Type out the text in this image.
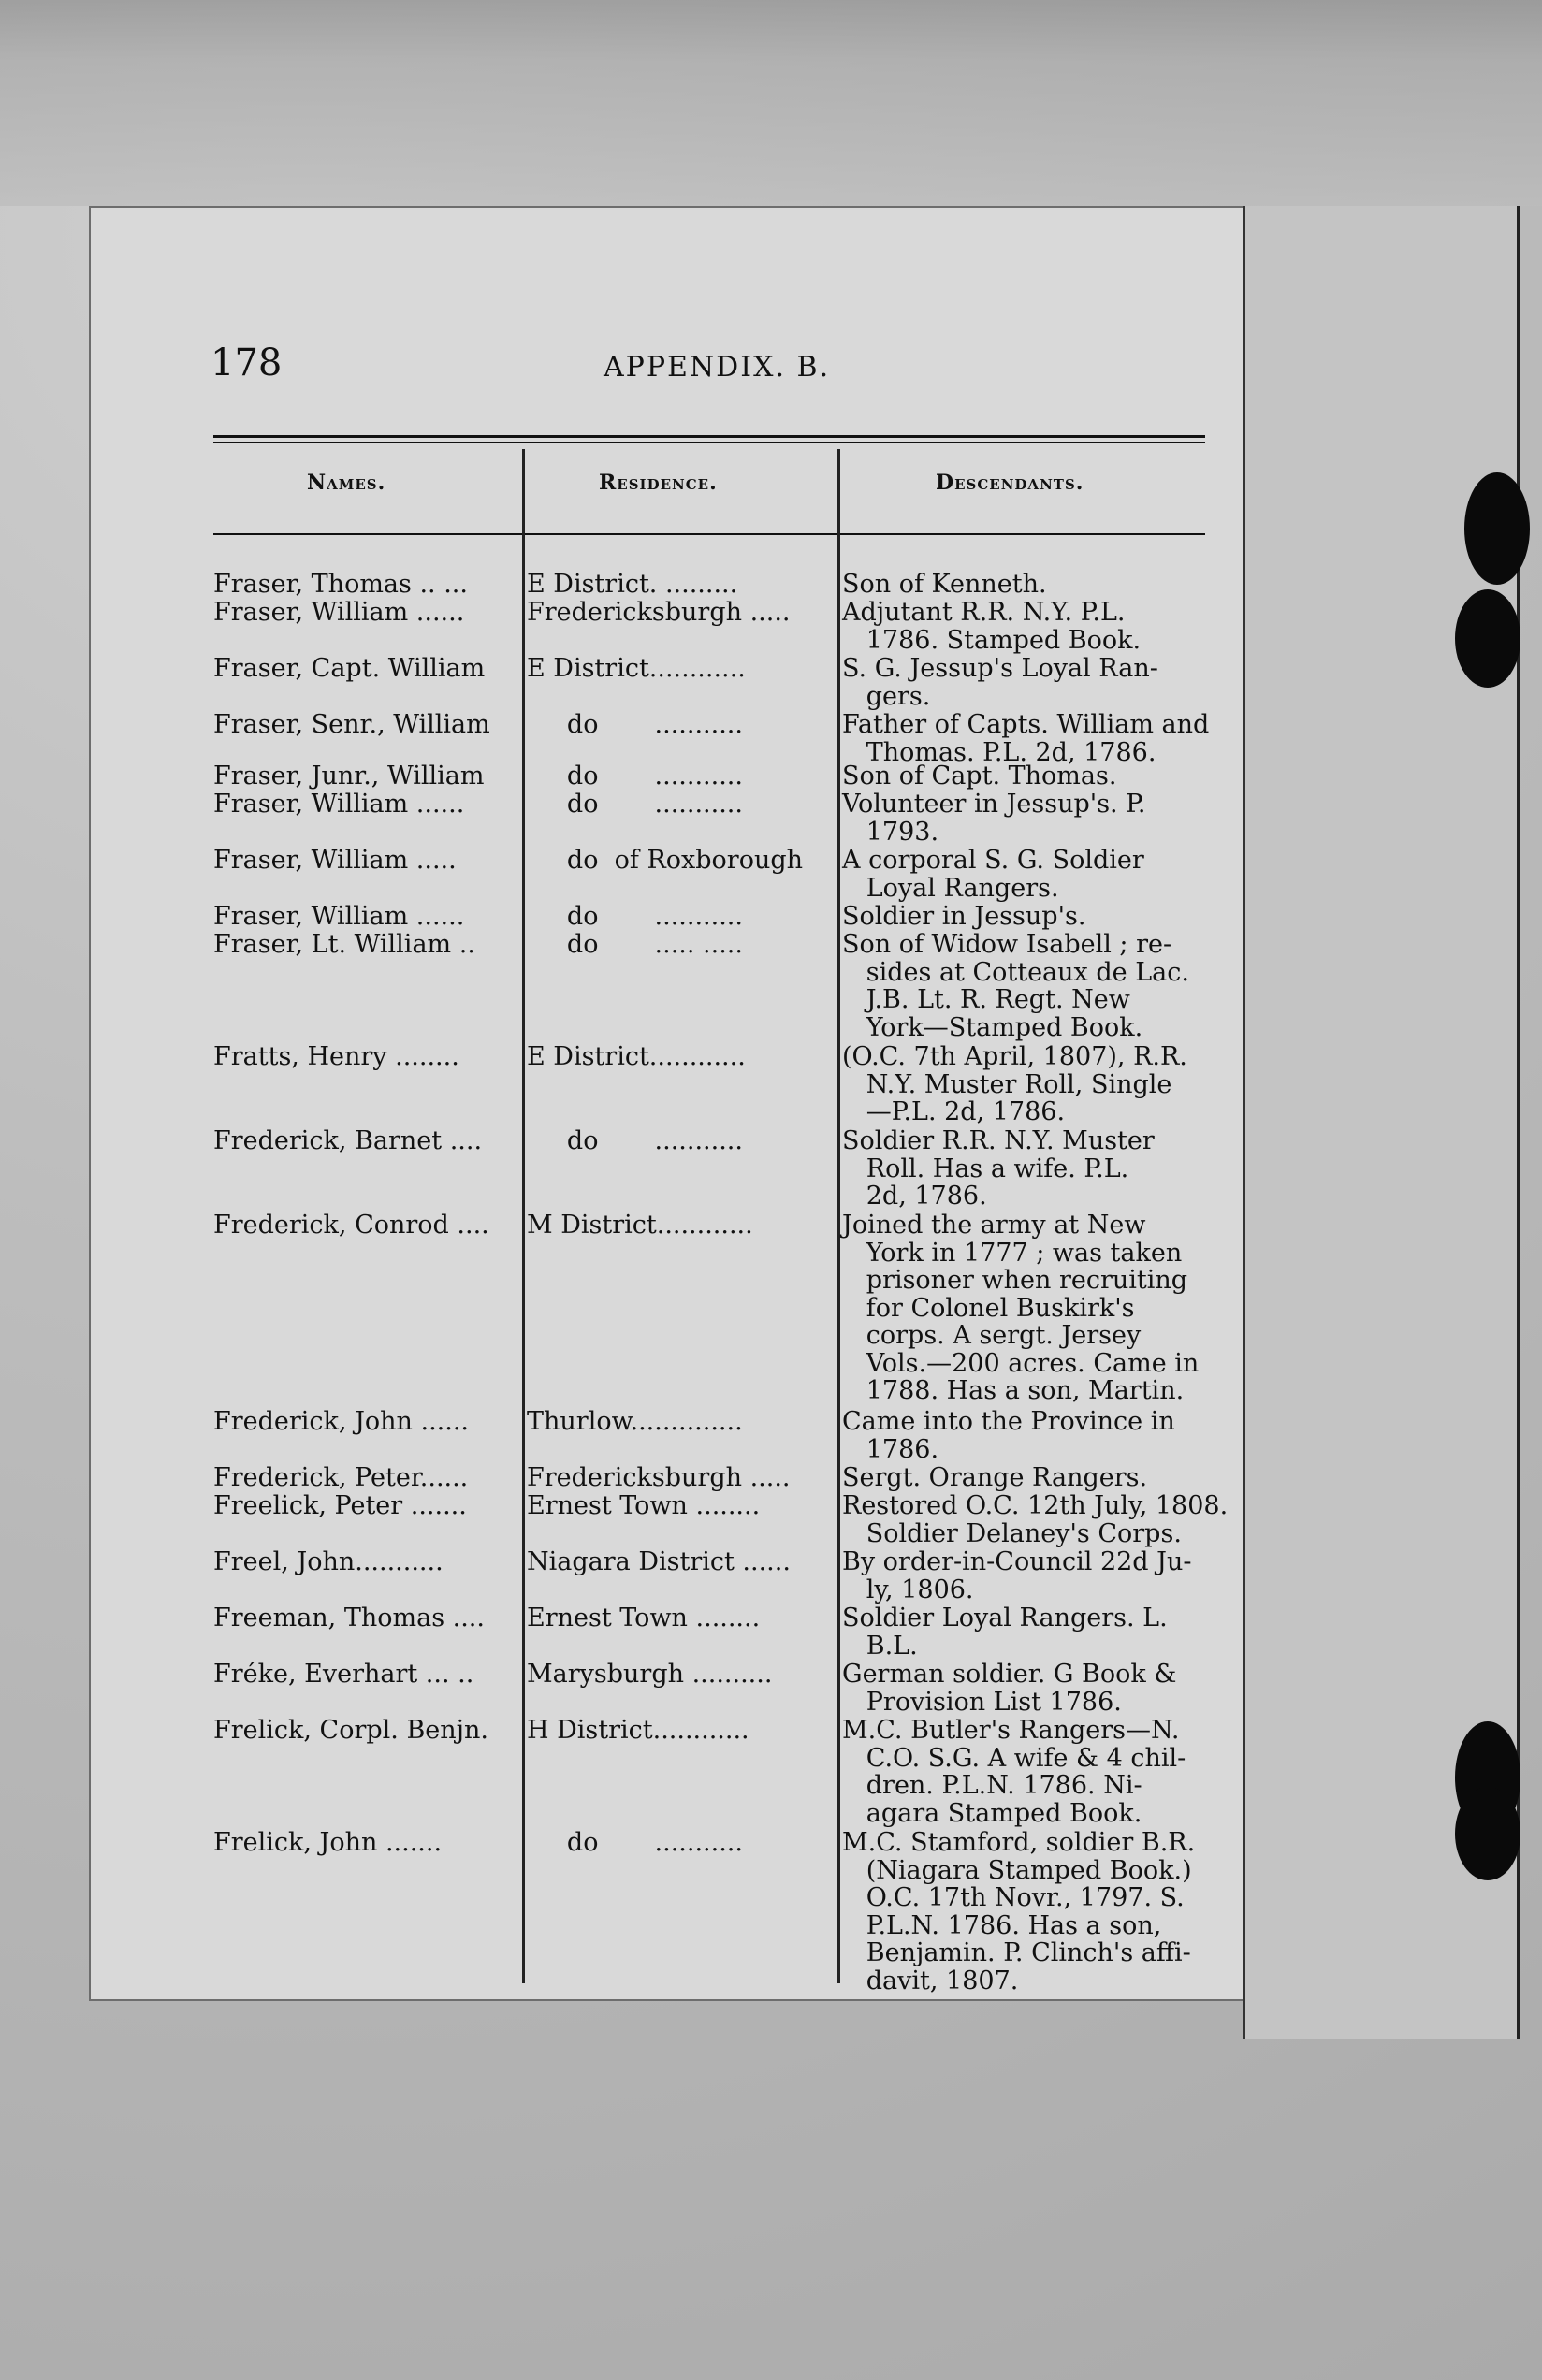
178	APPENDIX. B.
Names.	Residence.	Descendants.
Fraser, Thomas .. ...	E District. .........	Son of Kenneth.
Fraser, William ......	Fredericksburgh .....	Adjutant R.R. N.Y. P.L.
1786. Stamped Book.
Fraser, Capt. William	E District............	S. G. Jessup's Loyal Ran-
gers.
Fraser, Senr., William	do       ...........	Father of Capts. William and
Thomas. P.L. 2d, 1786.
Fraser, Junr., William	do       ...........	Son of Capt. Thomas.
Fraser, William ......	do       ...........	Volunteer in Jessup's. P.
1793.
Fraser, William .....	do  of Roxborough	A corporal S. G. Soldier
Loyal Rangers.
Fraser, William ......	do       ...........	Soldier in Jessup's.
Fraser, Lt. William ..	do       ..... .....	Son of Widow Isabell ; re-
sides at Cotteaux de Lac.
J.B. Lt. R. Regt. New
York—Stamped Book.
Fratts, Henry ........	E District............	(O.C. 7th April, 1807), R.R.
N.Y. Muster Roll, Single
—P.L. 2d, 1786.
Frederick, Barnet ....	do       ...........	Soldier R.R. N.Y. Muster
Roll. Has a wife. P.L.
2d, 1786.
Frederick, Conrod ....	M District............	Joined the army at New
York in 1777 ; was taken
prisoner when recruiting
for Colonel Buskirk's
corps. A sergt. Jersey
Vols.—200 acres. Came in
1788. Has a son, Martin.
Frederick, John ......	Thurlow..............	Came into the Province in
1786.
Frederick, Peter......	Fredericksburgh .....	Sergt. Orange Rangers.
Freelick, Peter .......	Ernest Town ........	Restored O.C. 12th July, 1808.
Soldier Delaney's Corps.
Freel, John...........	Niagara District ......	By order-in-Council 22d Ju-
ly, 1806.
Freeman, Thomas ....	Ernest Town ........	Soldier Loyal Rangers. L.
B.L.
Fréke, Everhart ... ..	Marysburgh ..........	German soldier. G Book &
Provision List 1786.
Frelick, Corpl. Benjn.	H District............	M.C. Butler's Rangers—N.
C.O. S.G. A wife & 4 chil-
dren. P.L.N. 1786. Ni-
agara Stamped Book.
Frelick, John .......	do       ...........	M.C. Stamford, soldier B.R.
(Niagara Stamped Book.)
O.C. 17th Novr., 1797. S.
P.L.N. 1786. Has a son,
Benjamin. P. Clinch's affi-
davit, 1807.
